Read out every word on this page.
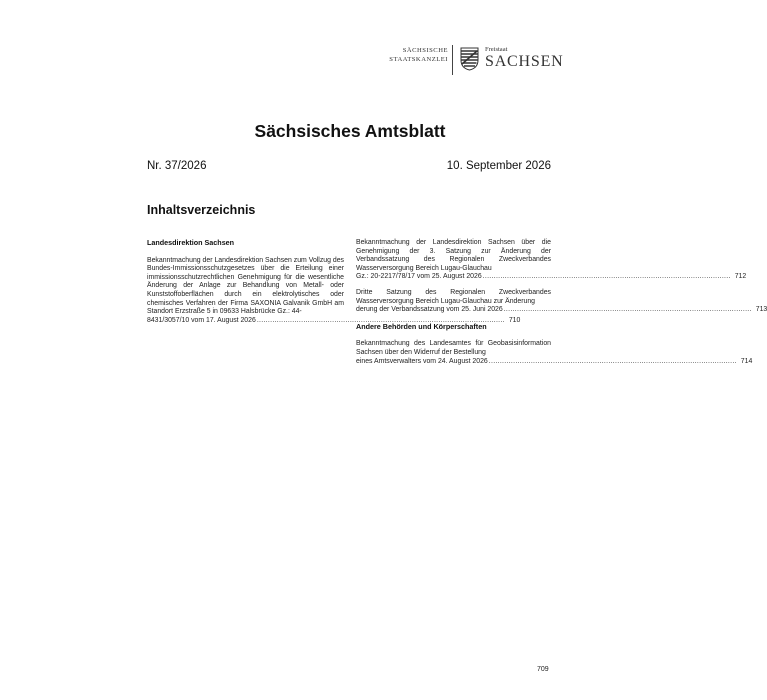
SÄCHSISCHE
STAATSKANZLEI
Freistaat
SACHSEN
Sächsisches Amtsblatt
Nr. 37/2026	10. September 2026
Inhaltsverzeichnis
Landesdirektion Sachsen
Bekanntmachung der Landesdirektion Sachsen zum Vollzug des Bundes-Immissionsschutzgesetzes über die Erteilung einer immissionsschutzrechtlichen Genehmigung für die wesentliche Änderung der Anlage zur Behandlung von Metall- oder Kunststoffoberflächen durch ein elektrolytisches oder chemisches Verfahren der Firma SAXONIA Galvanik GmbH am Standort Erzstraße 5 in 09633 Halsbrücke Gz.: 44-
8431/3057/10 vom 17. August 2026 ................................................................................................................ 710
Bekanntmachung der Landesdirektion Sachsen über die Genehmigung der 3. Satzung zur Änderung der Verbandssatzung des Regionalen Zweckverbandes Wasserversorgung Bereich Lugau-Glauchau
Gz.: 20-2217/78/17 vom 25. August 2026 ................................................................................................................ 712
Dritte Satzung des Regionalen Zweckverbandes Wasserversorgung Bereich Lugau-Glauchau zur Änderung
derung der Verbandssatzung vom 25. Juni 2026 ................................................................................................................ 713
Andere Behörden und Körperschaften
Bekanntmachung des Landesamtes für Geobasisinformation Sachsen über den Widerruf der Bestellung
eines Amtsverwalters vom 24. August 2026 ................................................................................................................ 714
709
